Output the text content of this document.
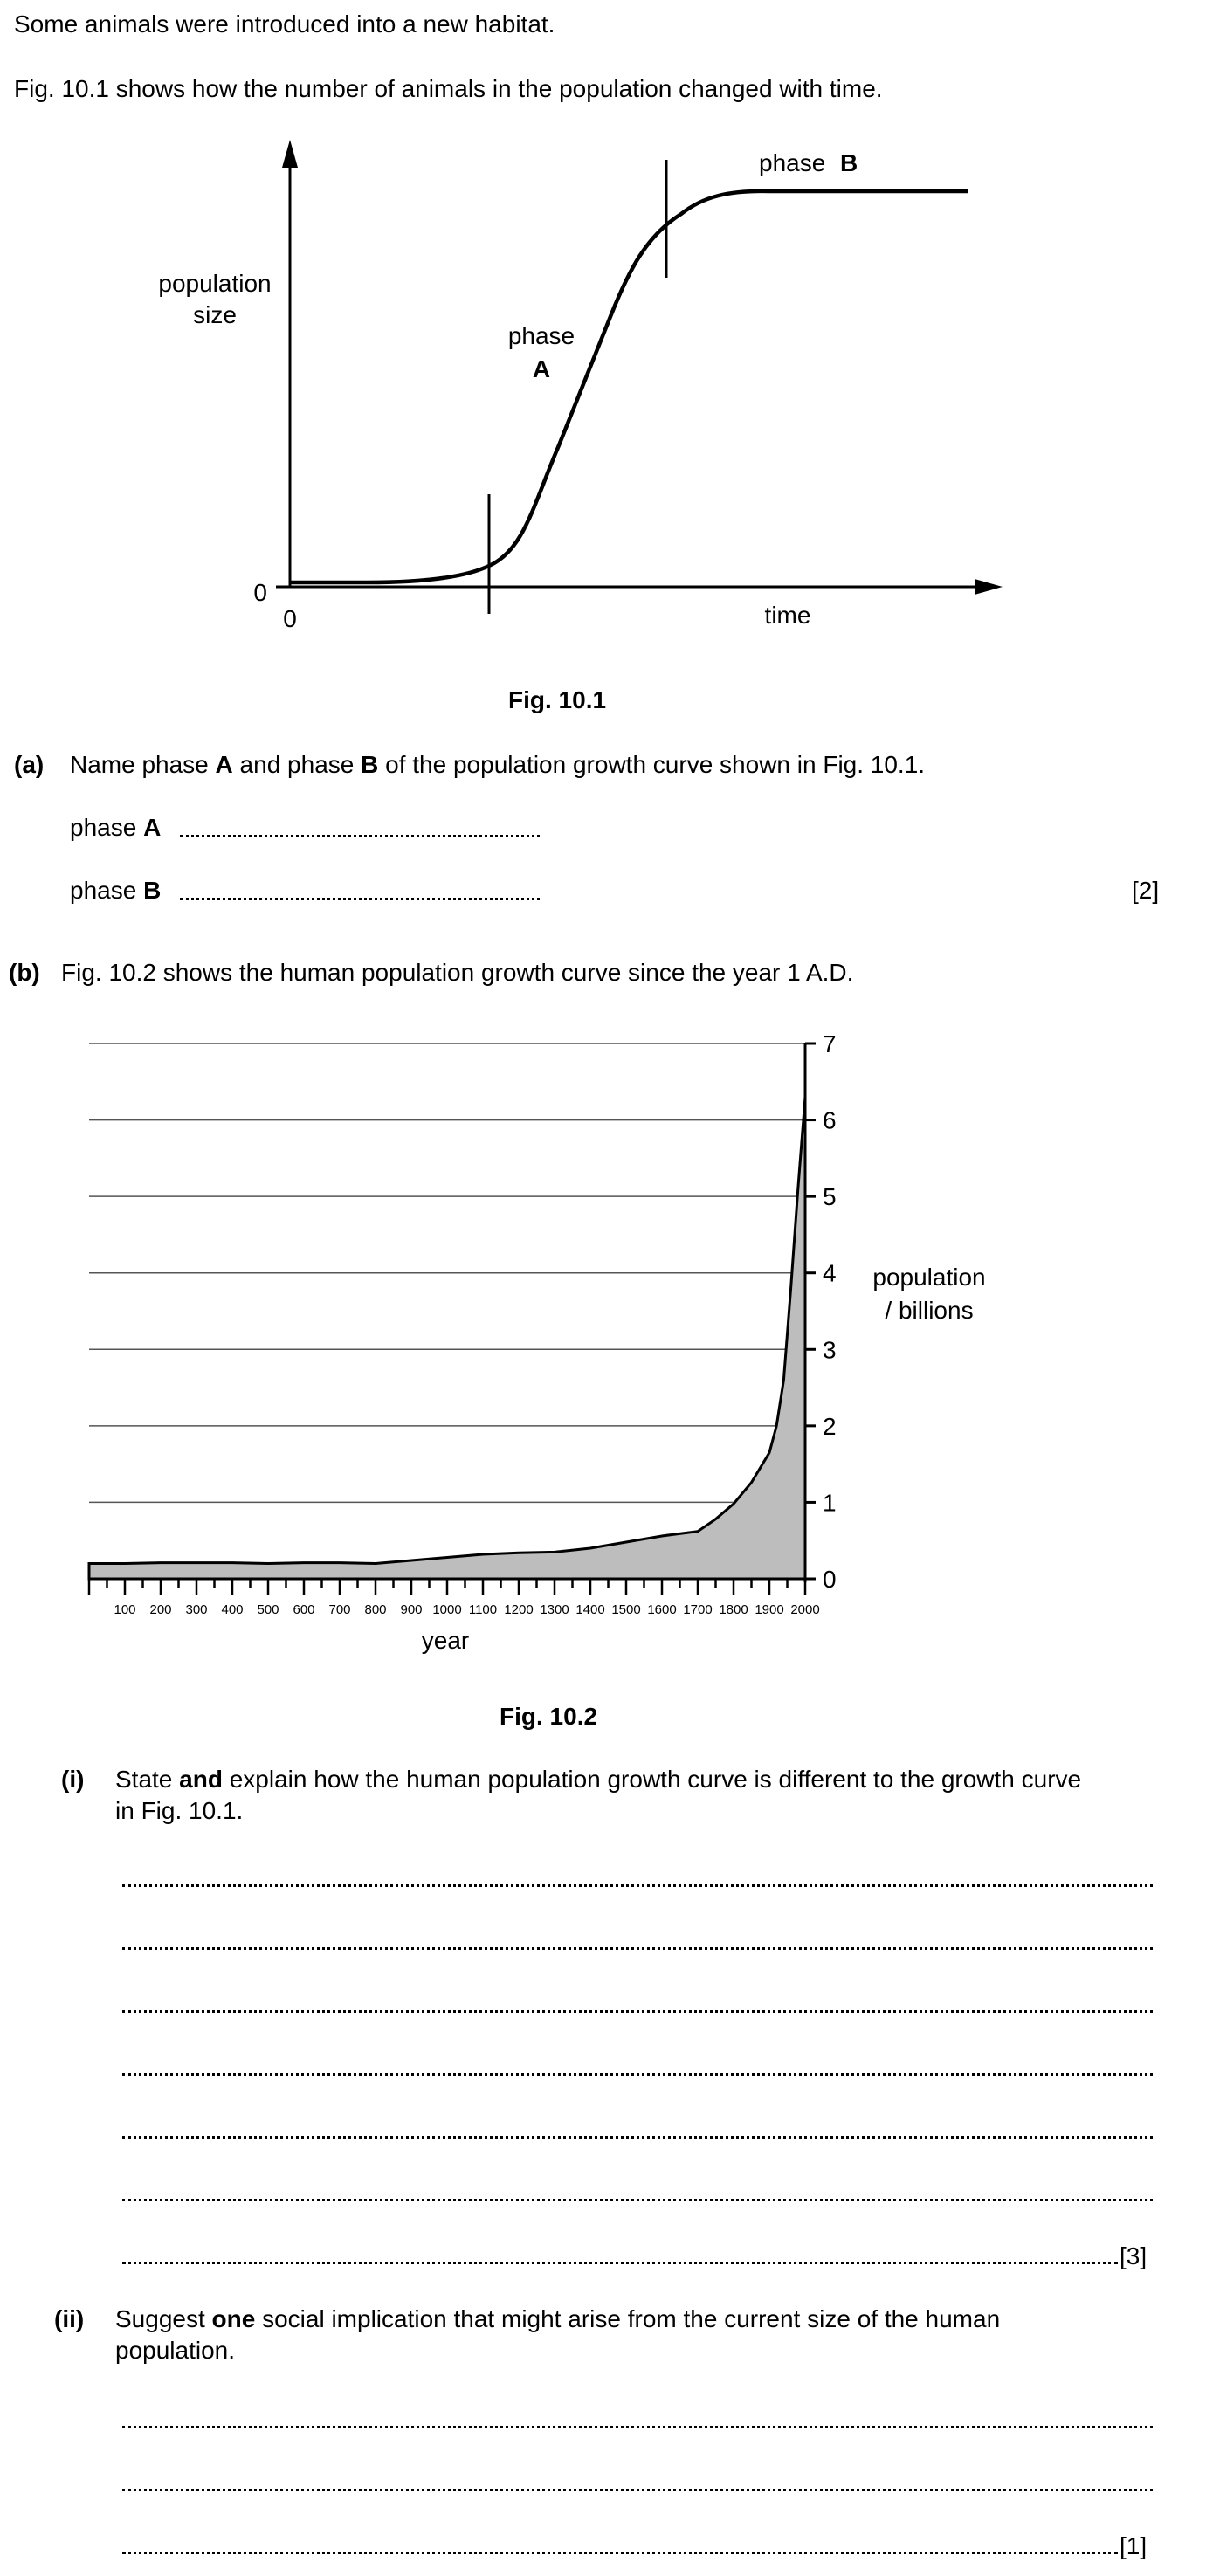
Some animals were introduced into a new habitat.
Fig. 10.1 shows how the number of animals in the population changed with time.
population
size
0
0	time
phase
A
phase B
Fig. 10.1
(a) Name phase A and phase B of the population growth curve shown in Fig. 10.1.
phase A
phase B	[2]
(b) Fig. 10.2 shows the human population growth curve since the year 1 A.D.
0
1
2
3
4
5
6
7
100 200 300 400 500 600 700 800 900 1000 1100 1200 1300 1400 1500 1600 1700 1800 1900 2000
population
/ billions
year
Fig. 10.2
(i) State and explain how the human population growth curve is different to the growth curve
in Fig. 10.1.
[3]
(ii) Suggest one social implication that might arise from the current size of the human
population.
[1]
